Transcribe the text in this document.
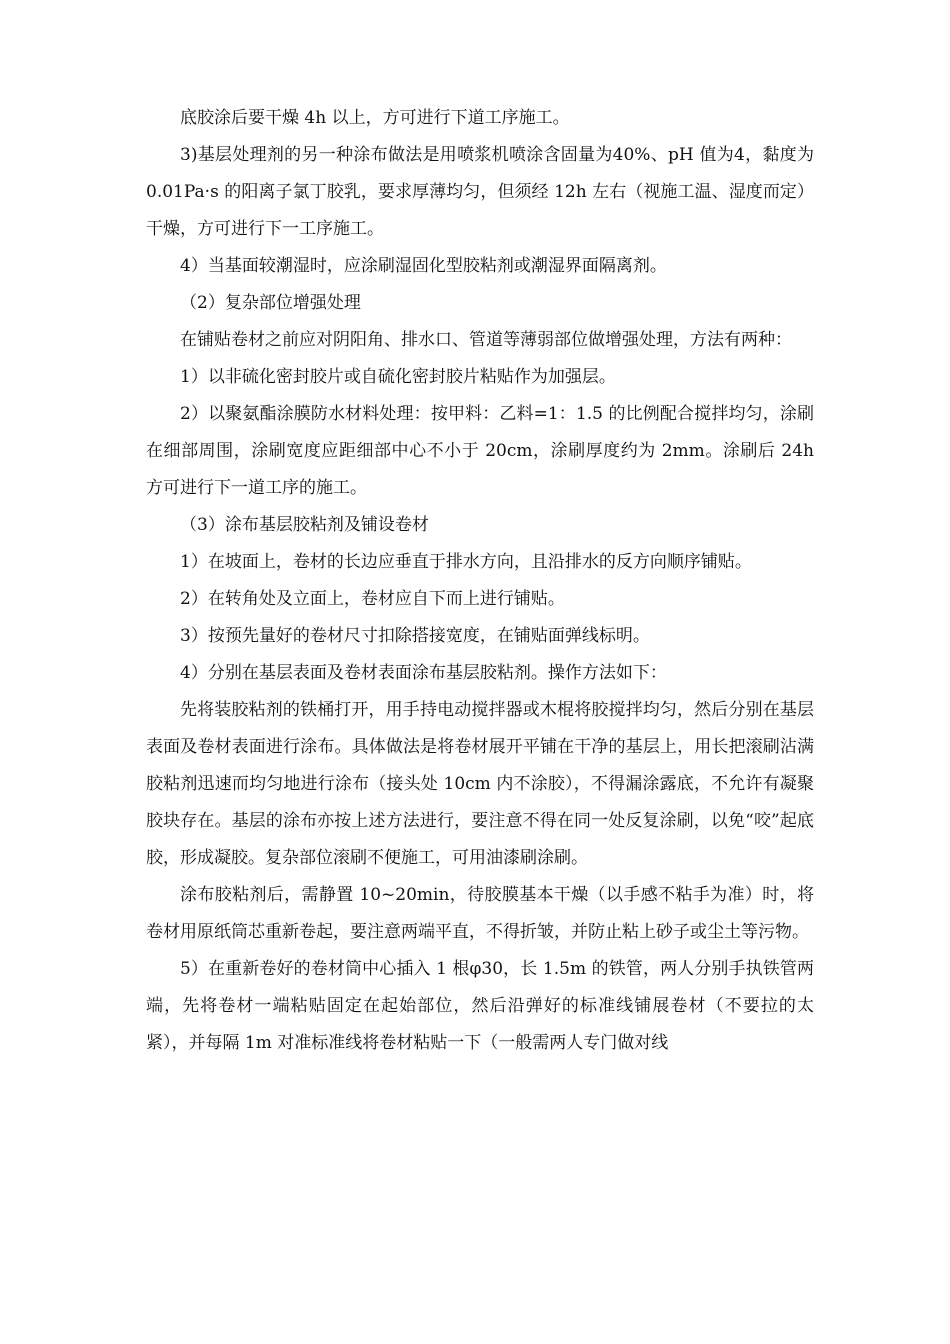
底胶涂后要干燥 4h 以上，方可进行下道工序施工。

3)基层处理剂的另一种涂布做法是用喷浆机喷涂含固量为40%、pH 值为4，黏度为 0.01Pa·s 的阳离子氯丁胶乳，要求厚薄均匀，但须经 12h 左右（视施工温、湿度而定）干燥，方可进行下一工序施工。

4）当基面较潮湿时，应涂刷湿固化型胶粘剂或潮湿界面隔离剂。

（2）复杂部位增强处理

在铺贴卷材之前应对阴阳角、排水口、管道等薄弱部位做增强处理，方法有两种：

1）以非硫化密封胶片或自硫化密封胶片粘贴作为加强层。

2）以聚氨酯涂膜防水材料处理：按甲料：乙料=1：1.5 的比例配合搅拌均匀，涂刷在细部周围，涂刷宽度应距细部中心不小于 20cm，涂刷厚度约为 2mm。涂刷后 24h 方可进行下一道工序的施工。

（3）涂布基层胶粘剂及铺设卷材

1）在坡面上，卷材的长边应垂直于排水方向，且沿排水的反方向顺序铺贴。

2）在转角处及立面上，卷材应自下而上进行铺贴。

3）按预先量好的卷材尺寸扣除搭接宽度，在铺贴面弹线标明。

4）分别在基层表面及卷材表面涂布基层胶粘剂。操作方法如下：

先将装胶粘剂的铁桶打开，用手持电动搅拌器或木棍将胶搅拌均匀，然后分别在基层表面及卷材表面进行涂布。具体做法是将卷材展开平铺在干净的基层上，用长把滚刷沾满胶粘剂迅速而均匀地进行涂布（接头处 10cm 内不涂胶），不得漏涂露底，不允许有凝聚胶块存在。基层的涂布亦按上述方法进行，要注意不得在同一处反复涂刷，以免“咬”起底胶，形成凝胶。复杂部位滚刷不便施工，可用油漆刷涂刷。

涂布胶粘剂后，需静置 10~20min，待胶膜基本干燥（以手感不粘手为准）时，将卷材用原纸筒芯重新卷起，要注意两端平直，不得折皱，并防止粘上砂子或尘土等污物。

5）在重新卷好的卷材筒中心插入 1 根φ30，长 1.5m 的铁管，两人分别手执铁管两端，先将卷材一端粘贴固定在起始部位，然后沿弹好的标准线铺展卷材（不要拉的太紧），并每隔 1m 对准标准线将卷材粘贴一下（一般需两人专门做对线
